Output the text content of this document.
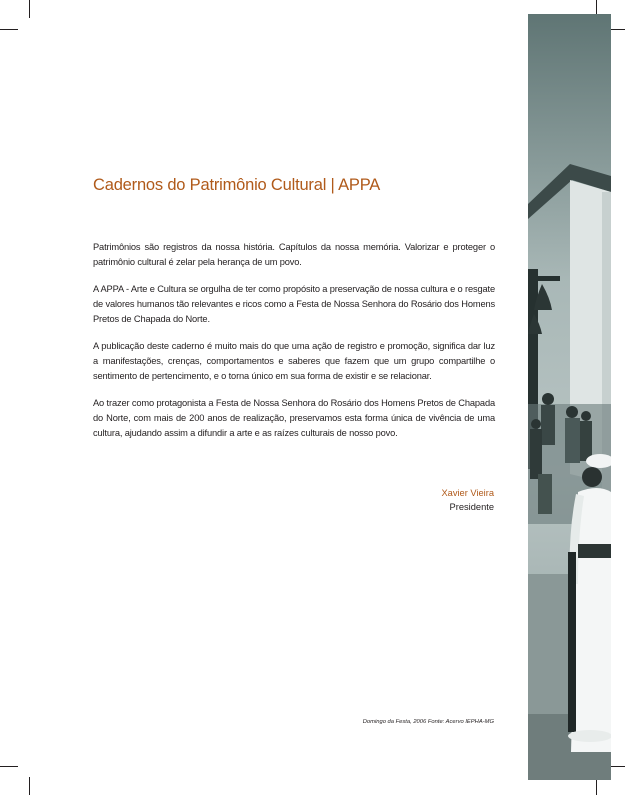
Cadernos do Patrimônio Cultural | APPA

Patrimônios são registros da nossa história. Capítulos da nossa memória. Valorizar e proteger o patrimônio cultural é zelar pela herança de um povo.

A APPA - Arte e Cultura se orgulha de ter como propósito a preservação de nossa cultura e o resgate de valores humanos tão relevantes e ricos como a Festa de Nossa Senhora do Rosário dos Homens Pretos de Chapada do Norte.

A publicação deste caderno é muito mais do que uma ação de registro e promoção, significa dar luz a manifestações, crenças, comportamentos e saberes que fazem que um grupo compartilhe o sentimento de pertencimento, e o torna único em sua forma de existir e se relacionar.

Ao trazer como protagonista a Festa de Nossa Senhora do Rosário dos Homens Pretos de Chapada do Norte, com mais de 200 anos de realização, preservamos esta forma única de vivência de uma cultura, ajudando assim a difundir a arte e as raízes culturais de nosso povo.

Xavier Vieira
Presidente
Domingo da Festa, 2006 Fonte: Acervo IEPHA-MG
